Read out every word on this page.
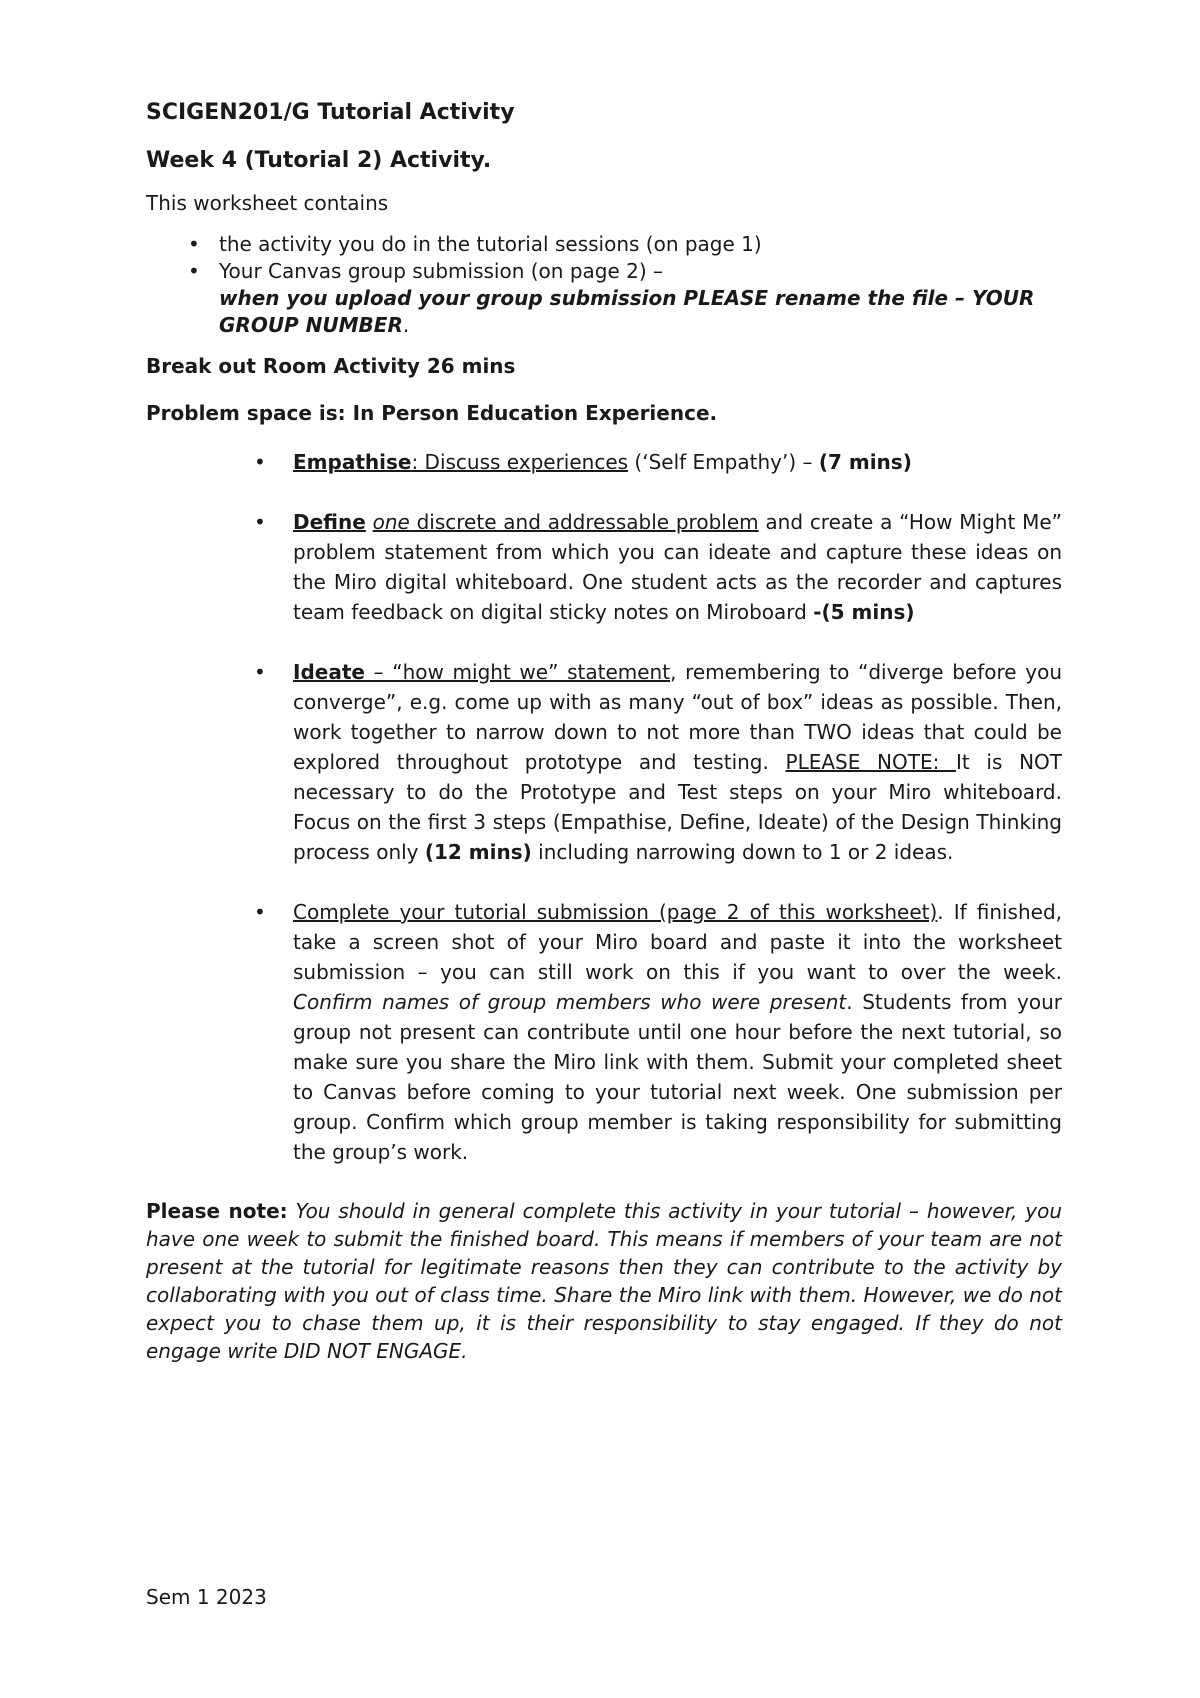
SCIGEN201/G Tutorial Activity
Week 4 (Tutorial 2) Activity.

This worksheet contains

• the activity you do in the tutorial sessions (on page 1)
• Your Canvas group submission (on page 2) –
when you upload your group submission PLEASE rename the file – YOUR GROUP NUMBER.
Break out Room Activity 26 mins
Problem space is: In Person Education Experience.
• Empathise: Discuss experiences (‘Self Empathy’) – (7 mins)
• Define one discrete and addressable problem and create a “How Might Me” problem statement from which you can ideate and capture these ideas on the Miro digital whiteboard. One student acts as the recorder and captures team feedback on digital sticky notes on Miroboard -(5 mins)
• Ideate – “how might we” statement, remembering to “diverge before you converge”, e.g. come up with as many “out of box” ideas as possible. Then, work together to narrow down to not more than TWO ideas that could be explored throughout prototype and testing. PLEASE NOTE: It is NOT necessary to do the Prototype and Test steps on your Miro whiteboard. Focus on the first 3 steps (Empathise, Define, Ideate) of the Design Thinking process only (12 mins) including narrowing down to 1 or 2 ideas.
• Complete your tutorial submission (page 2 of this worksheet). If finished, take a screen shot of your Miro board and paste it into the worksheet submission – you can still work on this if you want to over the week. Confirm names of group members who were present. Students from your group not present can contribute until one hour before the next tutorial, so make sure you share the Miro link with them. Submit your completed sheet to Canvas before coming to your tutorial next week. One submission per group. Confirm which group member is taking responsibility for submitting the group’s work.
Please note: You should in general complete this activity in your tutorial – however, you have one week to submit the finished board. This means if members of your team are not present at the tutorial for legitimate reasons then they can contribute to the activity by collaborating with you out of class time. Share the Miro link with them. However, we do not expect you to chase them up, it is their responsibility to stay engaged. If they do not engage write DID NOT ENGAGE.
Sem 1 2023
